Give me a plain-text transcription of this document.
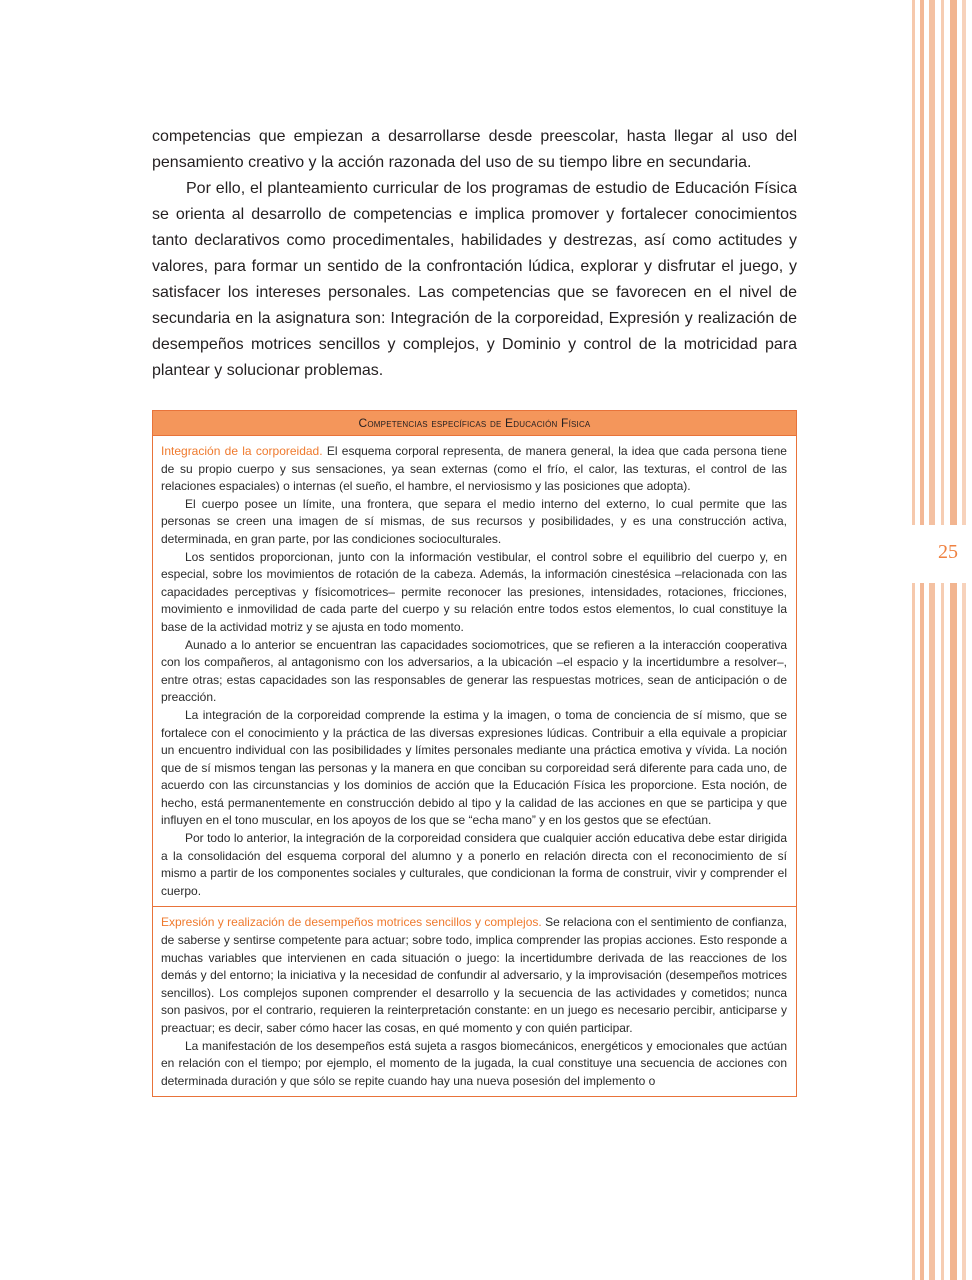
25

competencias que empiezan a desarrollarse desde preescolar, hasta llegar al uso del pensamiento creativo y la acción razonada del uso de su tiempo libre en secundaria.

Por ello, el planteamiento curricular de los programas de estudio de Educación Física se orienta al desarrollo de competencias e implica promover y fortalecer conocimientos tanto declarativos como procedimentales, habilidades y destrezas, así como actitudes y valores, para formar un sentido de la confrontación lúdica, explorar y disfrutar el juego, y satisfacer los intereses personales. Las competencias que se favorecen en el nivel de secundaria en la asignatura son: Integración de la corporeidad, Expresión y realización de desempeños motrices sencillos y complejos, y Dominio y control de la motricidad para plantear y solucionar problemas.

Competencias específicas de Educación Física

Integración de la corporeidad. El esquema corporal representa, de manera general, la idea que cada persona tiene de su propio cuerpo y sus sensaciones, ya sean externas (como el frío, el calor, las texturas, el control de las relaciones espaciales) o internas (el sueño, el hambre, el nerviosismo y las posiciones que adopta).

El cuerpo posee un límite, una frontera, que separa el medio interno del externo, lo cual permite que las personas se creen una imagen de sí mismas, de sus recursos y posibilidades, y es una construcción activa, determinada, en gran parte, por las condiciones socioculturales.

Los sentidos proporcionan, junto con la información vestibular, el control sobre el equilibrio del cuerpo y, en especial, sobre los movimientos de rotación de la cabeza. Además, la información cinestésica –relacionada con las capacidades perceptivas y físicomotrices– permite reconocer las presiones, intensidades, rotaciones, fricciones, movimiento e inmovilidad de cada parte del cuerpo y su relación entre todos estos elementos, lo cual constituye la base de la actividad motriz y se ajusta en todo momento.

Aunado a lo anterior se encuentran las capacidades sociomotrices, que se refieren a la interacción cooperativa con los compañeros, al antagonismo con los adversarios, a la ubicación –el espacio y la incertidumbre a resolver–, entre otras; estas capacidades son las responsables de generar las respuestas motrices, sean de anticipación o de preacción.

La integración de la corporeidad comprende la estima y la imagen, o toma de conciencia de sí mismo, que se fortalece con el conocimiento y la práctica de las diversas expresiones lúdicas. Contribuir a ella equivale a propiciar un encuentro individual con las posibilidades y límites personales mediante una práctica emotiva y vívida. La noción que de sí mismos tengan las personas y la manera en que conciban su corporeidad será diferente para cada uno, de acuerdo con las circunstancias y los dominios de acción que la Educación Física les proporcione. Esta noción, de hecho, está permanentemente en construcción debido al tipo y la calidad de las acciones en que se participa y que influyen en el tono muscular, en los apoyos de los que se “echa mano” y en los gestos que se efectúan.

Por todo lo anterior, la integración de la corporeidad considera que cualquier acción educativa debe estar dirigida a la consolidación del esquema corporal del alumno y a ponerlo en relación directa con el reconocimiento de sí mismo a partir de los componentes sociales y culturales, que condicionan la forma de construir, vivir y comprender el cuerpo.

Expresión y realización de desempeños motrices sencillos y complejos. Se relaciona con el sentimiento de confianza, de saberse y sentirse competente para actuar; sobre todo, implica comprender las propias acciones. Esto responde a muchas variables que intervienen en cada situación o juego: la incertidumbre derivada de las reacciones de los demás y del entorno; la iniciativa y la necesidad de confundir al adversario, y la improvisación (desempeños motrices sencillos). Los complejos suponen comprender el desarrollo y la secuencia de las actividades y cometidos; nunca son pasivos, por el contrario, requieren la reinterpretación constante: en un juego es necesario percibir, anticiparse y preactuar; es decir, saber cómo hacer las cosas, en qué momento y con quién participar.

La manifestación de los desempeños está sujeta a rasgos biomecánicos, energéticos y emocionales que actúan en relación con el tiempo; por ejemplo, el momento de la jugada, la cual constituye una secuencia de acciones con determinada duración y que sólo se repite cuando hay una nueva posesión del implemento o
